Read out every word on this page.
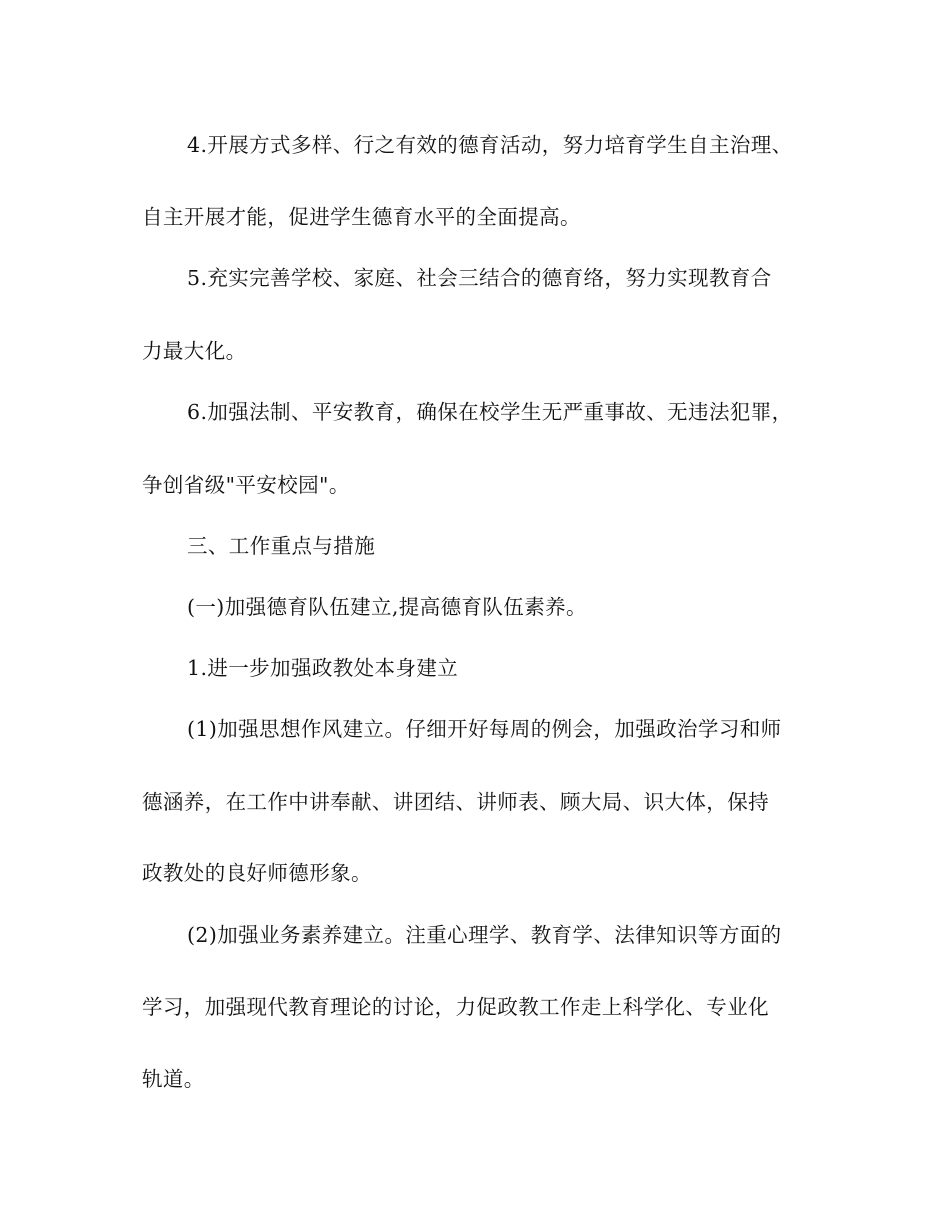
4.开展方式多样、行之有效的德育活动，努力培育学生自主治理、
自主开展才能，促进学生德育水平的全面提高。
5.充实完善学校、家庭、社会三结合的德育络，努力实现教育合
力最大化。
6.加强法制、平安教育，确保在校学生无严重事故、无违法犯罪，
争创省级"平安校园"。
三、工作重点与措施
(一)加强德育队伍建立,提高德育队伍素养。
1.进一步加强政教处本身建立
(1)加强思想作风建立。仔细开好每周的例会，加强政治学习和师
德涵养，在工作中讲奉献、讲团结、讲师表、顾大局、识大体，保持
政教处的良好师德形象。
(2)加强业务素养建立。注重心理学、教育学、法律知识等方面的
学习，加强现代教育理论的讨论，力促政教工作走上科学化、专业化
轨道。
